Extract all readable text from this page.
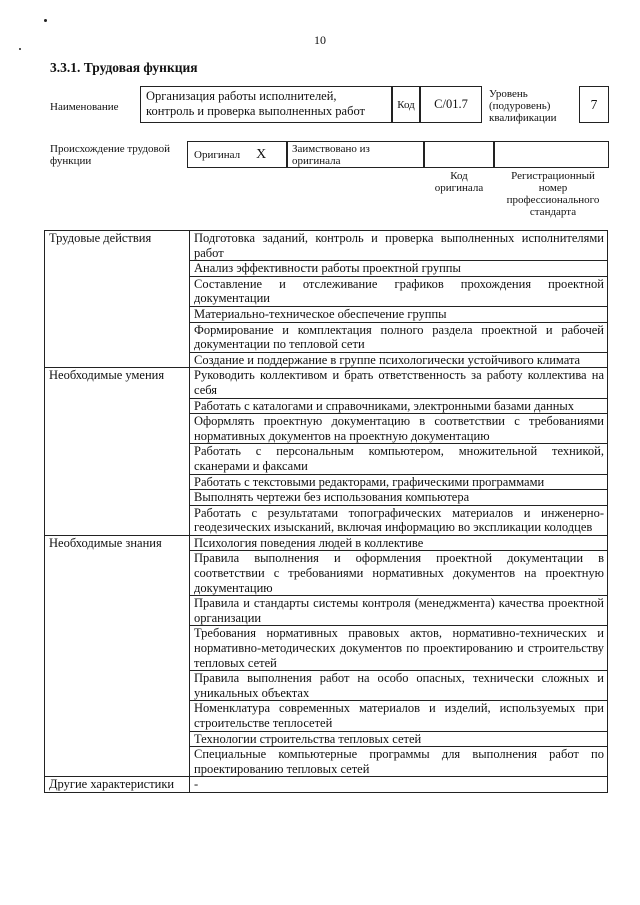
10
3.3.1. Трудовая функция
Наименование
Организация работы исполнителей, контроль и проверка выполненных работ	Код С/01.7
Уровень (подуровень) квалификации
7
Происхождение трудовой функции
Оригинал X	Заимствовано из оригинала
Код оригинала
Регистрационный номер профессионального стандарта
Трудовые действия	Подготовка заданий, контроль и проверка выполненных исполнителями работ
	Анализ эффективности работы проектной группы
	Составление и отслеживание графиков прохождения проектной документации
	Материально-техническое обеспечение группы
	Формирование и комплектация полного раздела проектной и рабочей документации по тепловой сети
	Создание и поддержание в группе психологически устойчивого климата
Необходимые умения	Руководить коллективом и брать ответственность за работу коллектива на себя
	Работать с каталогами и справочниками, электронными базами данных
	Оформлять проектную документацию в соответствии с требованиями нормативных документов на проектную документацию
	Работать с персональным компьютером, множительной техникой, сканерами и факсами
	Работать с текстовыми редакторами, графическими программами
	Выполнять чертежи без использования компьютера
	Работать с результатами топографических материалов и инженерно-геодезических изысканий, включая информацию во экспликации колодцев
Необходимые знания	Психология поведения людей в коллективе
	Правила выполнения и оформления проектной документации в соответствии с требованиями нормативных документов на проектную документацию
	Правила и стандарты системы контроля (менеджмента) качества проектной организации
	Требования нормативных правовых актов, нормативно-технических и нормативно-методических документов по проектированию и строительству тепловых сетей
	Правила выполнения работ на особо опасных, технически сложных и уникальных объектах
	Номенклатура современных материалов и изделий, используемых при строительстве теплосетей
	Технологии строительства тепловых сетей
	Специальные компьютерные программы для выполнения работ по проектированию тепловых сетей
Другие характеристики	-
